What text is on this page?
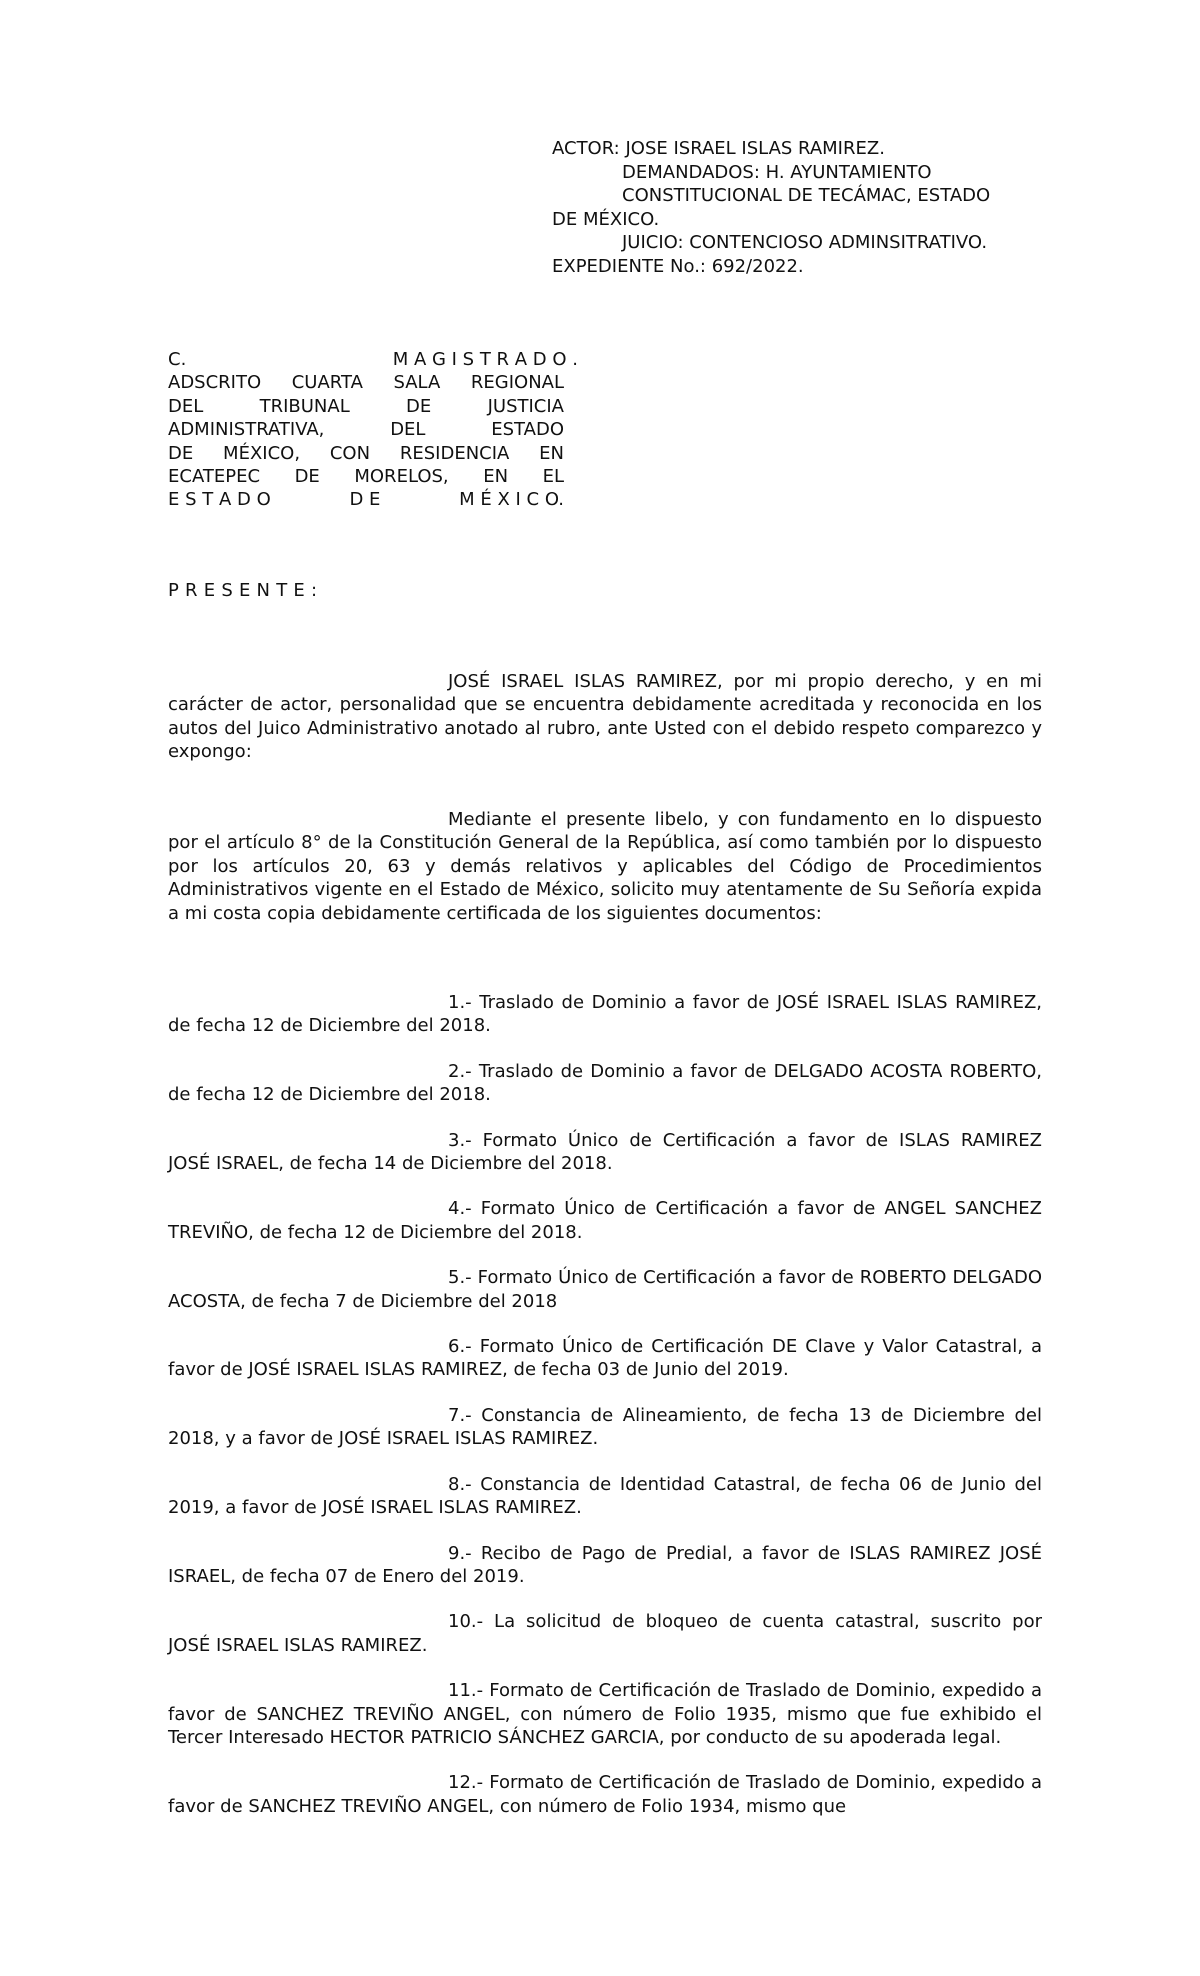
ACTOR: JOSE ISRAEL ISLAS RAMIREZ.
DEMANDADOS: H. AYUNTAMIENTO
CONSTITUCIONAL DE TECÁMAC, ESTADO
DE MÉXICO.
JUICIO: CONTENCIOSO ADMINSITRATIVO.
EXPEDIENTE No.: 692/2022.
C.	M A G I S T R A D O .
ADSCRITO CUARTA SALA REGIONAL
DEL TRIBUNAL DE JUSTICIA
ADMINISTRATIVA, DEL ESTADO
DE MÉXICO, CON RESIDENCIA EN
ECATEPEC DE MORELOS, EN EL
E S T A D O	D E	M É X I C O.
PRESENTE:

JOSÉ ISRAEL ISLAS RAMIREZ, por mi propio derecho, y en mi carácter de actor, personalidad que se encuentra debidamente acreditada y reconocida en los autos del Juico Administrativo anotado al rubro, ante Usted con el debido respeto comparezco y expongo:

Mediante el presente libelo, y con fundamento en lo dispuesto por el artículo 8° de la Constitución General de la República, así como también por lo dispuesto por los artículos 20, 63 y demás relativos y aplicables del Código de Procedimientos Administrativos vigente en el Estado de México, solicito muy atentamente de Su Señoría expida a mi costa copia debidamente certificada de los siguientes documentos:

1.- Traslado de Dominio a favor de JOSÉ ISRAEL ISLAS RAMIREZ, de fecha 12 de Diciembre del 2018.

2.- Traslado de Dominio a favor de DELGADO ACOSTA ROBERTO, de fecha 12 de Diciembre del 2018.

3.- Formato Único de Certificación a favor de ISLAS RAMIREZ JOSÉ ISRAEL, de fecha 14 de Diciembre del 2018.

4.- Formato Único de Certificación a favor de ANGEL SANCHEZ TREVIÑO, de fecha 12 de Diciembre del 2018.

5.- Formato Único de Certificación a favor de ROBERTO DELGADO ACOSTA, de fecha 7 de Diciembre del 2018

6.- Formato Único de Certificación DE Clave y Valor Catastral, a favor de JOSÉ ISRAEL ISLAS RAMIREZ, de fecha 03 de Junio del 2019.

7.- Constancia de Alineamiento, de fecha 13 de Diciembre del 2018, y a favor de JOSÉ ISRAEL ISLAS RAMIREZ.

8.- Constancia de Identidad Catastral, de fecha 06 de Junio del 2019, a favor de JOSÉ ISRAEL ISLAS RAMIREZ.

9.- Recibo de Pago de Predial, a favor de ISLAS RAMIREZ JOSÉ ISRAEL, de fecha 07 de Enero del 2019.

10.- La solicitud de bloqueo de cuenta catastral, suscrito por JOSÉ ISRAEL ISLAS RAMIREZ.

11.- Formato de Certificación de Traslado de Dominio, expedido a favor de SANCHEZ TREVIÑO ANGEL, con número de Folio 1935, mismo que fue exhibido el Tercer Interesado HECTOR PATRICIO SÁNCHEZ GARCIA, por conducto de su apoderada legal.

12.- Formato de Certificación de Traslado de Dominio, expedido a favor de SANCHEZ TREVIÑO ANGEL, con número de Folio 1934, mismo que
